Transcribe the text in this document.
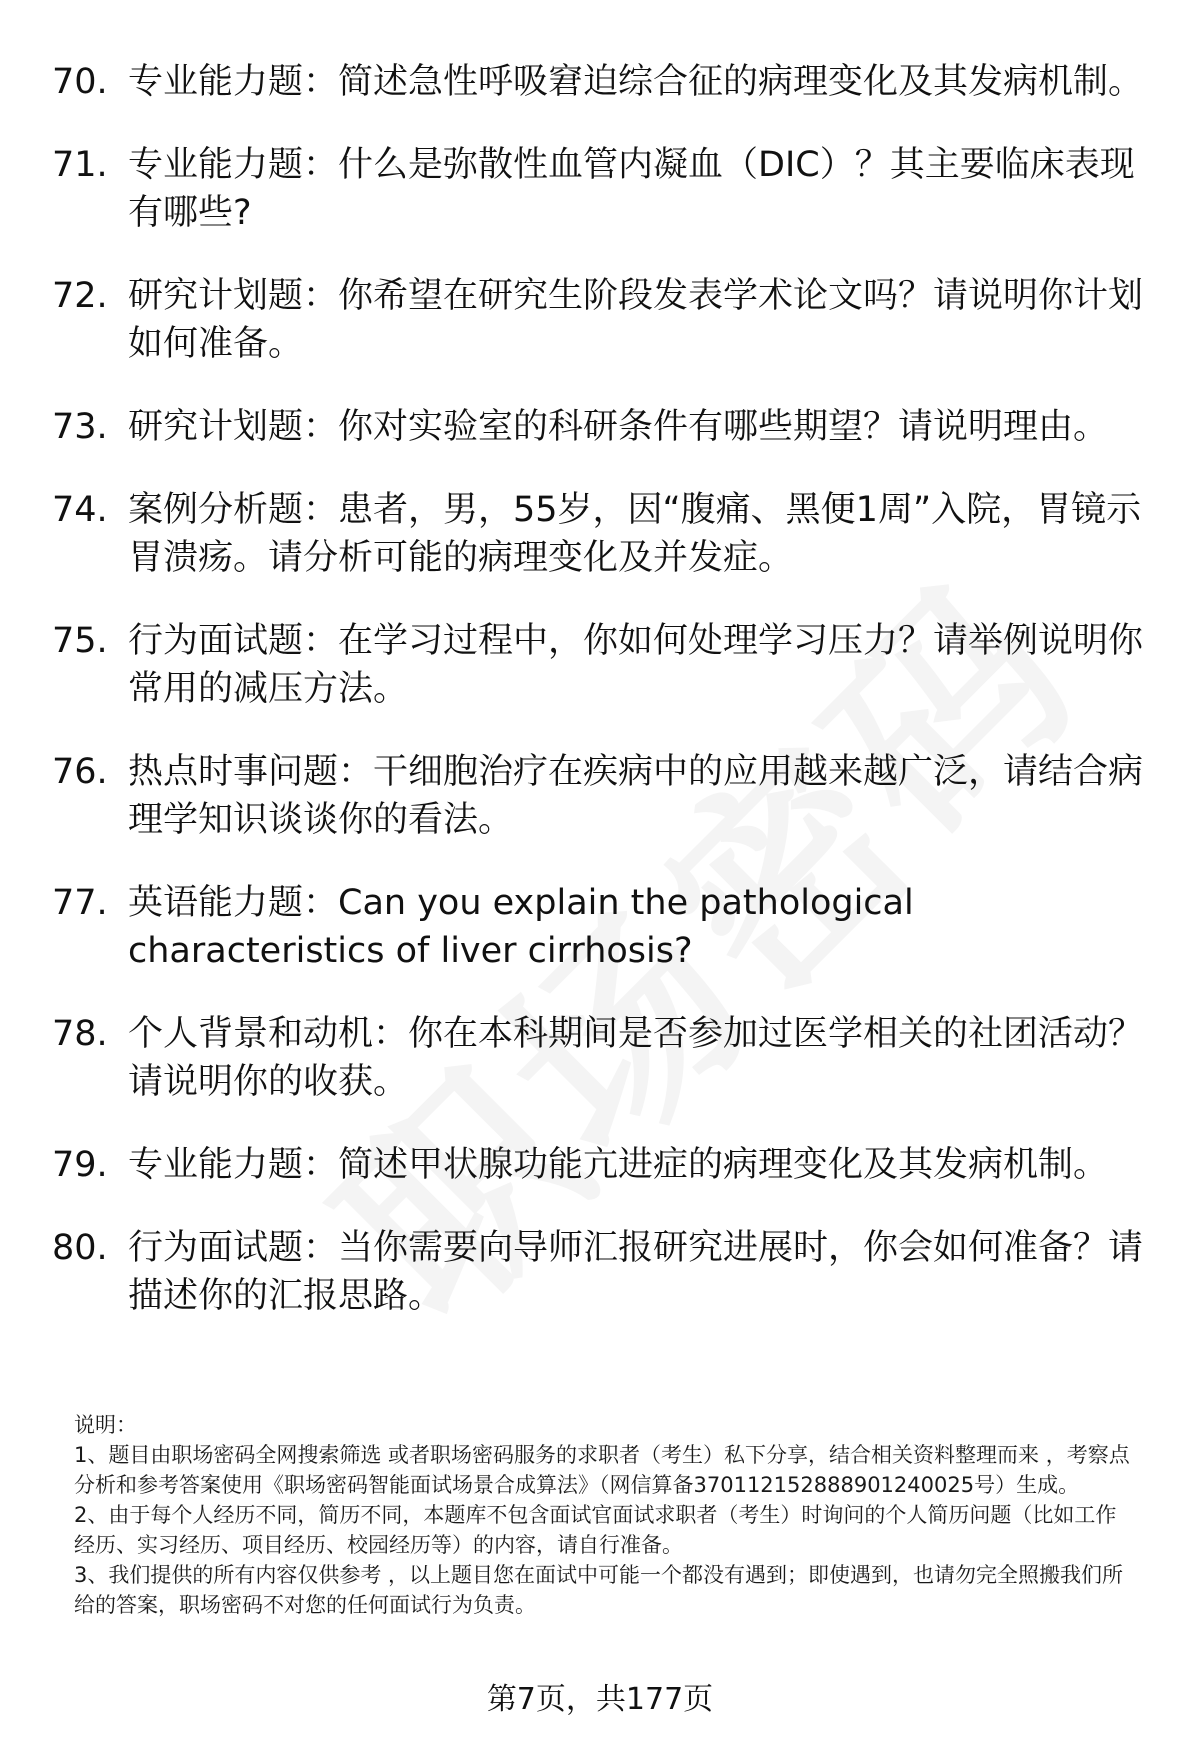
70. 专业能力题：简述急性呼吸窘迫综合征的病理变化及其发病机制。
71. 专业能力题：什么是弥散性血管内凝血（DIC）？其主要临床表现有哪些?
72. 研究计划题：你希望在研究生阶段发表学术论文吗？请说明你计划如何准备。
73. 研究计划题：你对实验室的科研条件有哪些期望？请说明理由。
74. 案例分析题：患者，男，55岁，因“腹痛、黑便1周”入院，胃镜示胃溃疡。请分析可能的病理变化及并发症。
75. 行为面试题：在学习过程中，你如何处理学习压力？请举例说明你常用的减压方法。
76. 热点时事问题：干细胞治疗在疾病中的应用越来越广泛，请结合病理学知识谈谈你的看法。
77. 英语能力题：Can you explain the pathological characteristics of liver cirrhosis?
78. 个人背景和动机：你在本科期间是否参加过医学相关的社团活动？请说明你的收获。
79. 专业能力题：简述甲状腺功能亢进症的病理变化及其发病机制。
80. 行为面试题：当你需要向导师汇报研究进展时，你会如何准备？请描述你的汇报思路。

说明：

1、题目由职场密码全网搜索筛选 或者职场密码服务的求职者（考生）私下分享，结合相关资料整理而来 ，考察点分析和参考答案使用《职场密码智能面试场景合成算法》（网信算备370112152888901240025号）生成。

2、由于每个人经历不同，简历不同，本题库不包含面试官面试求职者（考生）时询问的个人简历问题（比如工作经历、实习经历、项目经历、校园经历等）的内容，请自行准备。

3、我们提供的所有内容仅供参考 ，以上题目您在面试中可能一个都没有遇到；即使遇到，也请勿完全照搬我们所给的答案，职场密码不对您的任何面试行为负责。

第7页，共177页
